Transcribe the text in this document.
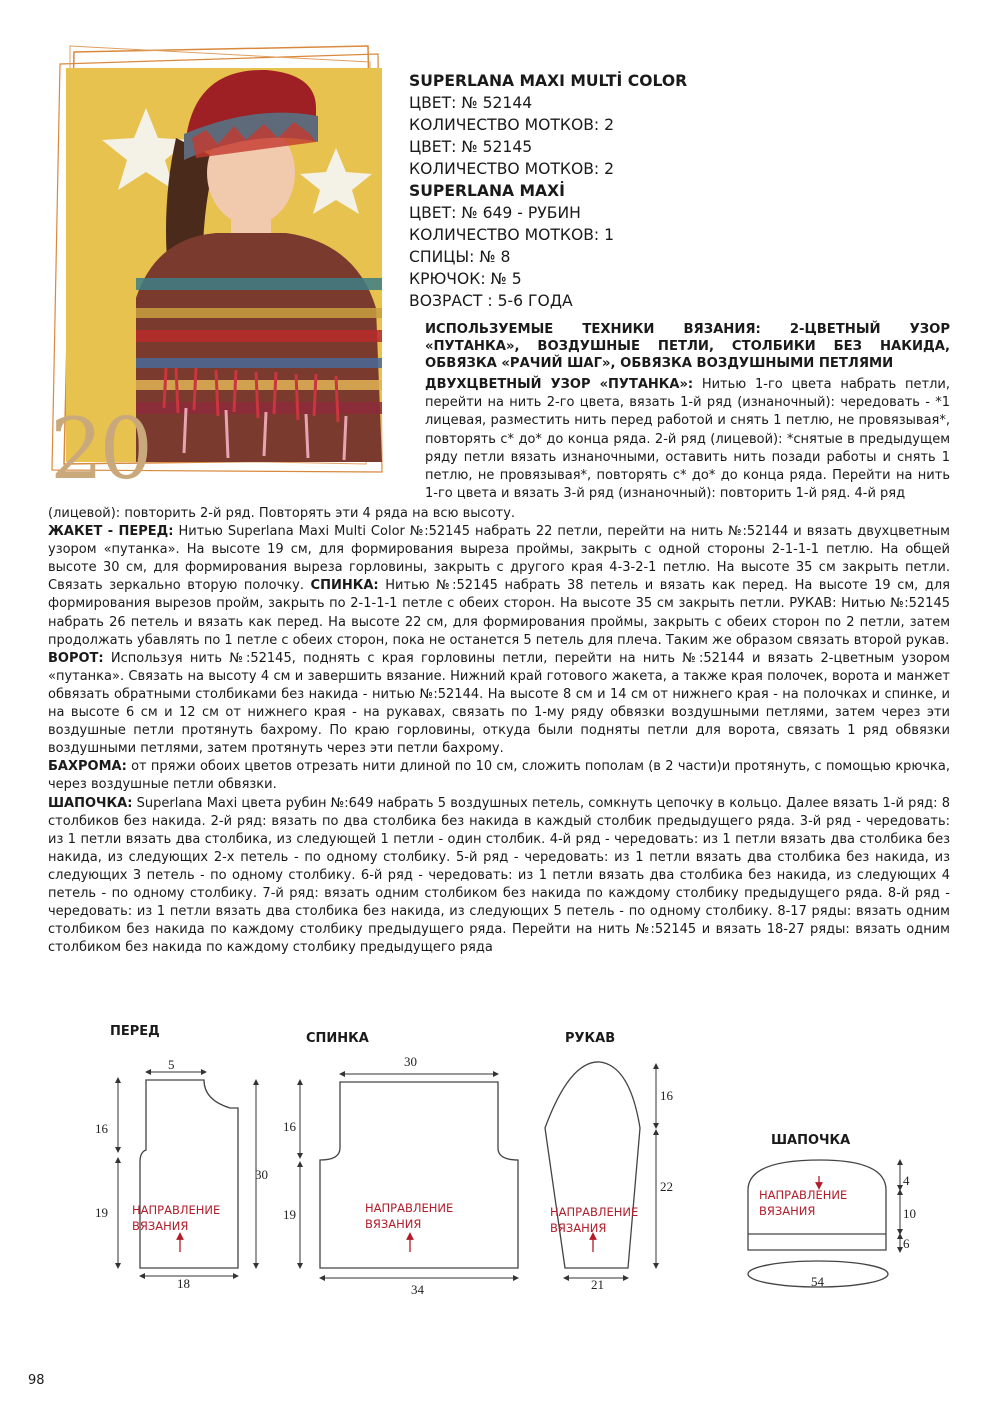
20
SUPERLANA MAXI MULTİ COLOR
ЦВЕТ: № 52144
КОЛИЧЕСТВО МОТКОВ: 2
ЦВЕТ: № 52145
КОЛИЧЕСТВО МОТКОВ: 2
SUPERLANA MAXİ
ЦВЕТ: № 649 - РУБИН
КОЛИЧЕСТВО МОТКОВ: 1
СПИЦЫ: № 8
КРЮЧОК: № 5
ВОЗРАСТ : 5-6 ГОДА
ИСПОЛЬЗУЕМЫЕ ТЕХНИКИ ВЯЗАНИЯ: 2-ЦВЕТНЫЙ УЗОР «ПУТАНКА», ВОЗДУШНЫЕ ПЕТЛИ, СТОЛБИКИ БЕЗ НАКИДА, ОБВЯЗКА «РАЧИЙ ШАГ», ОБВЯЗКА ВОЗДУШНЫМИ ПЕТЛЯМИ
ДВУХЦВЕТНЫЙ УЗОР «ПУТАНКА»: Нитью 1-го цвета набрать петли, перейти на нить 2-го цвета, вязать 1-й ряд (изнаночный): чередовать - *1 лицевая, разместить нить перед работой и снять 1 петлю, не провязывая*, повторять с* до* до конца ряда. 2-й ряд (лицевой): *снятые в предыдущем ряду петли вязать изнаночными, оставить нить позади работы и снять 1 петлю, не провязывая*, повторять с* до* до конца ряда. Перейти на нить 1-го цвета и вязать 3-й ряд (изнаночный): повторить 1-й ряд. 4-й ряд

(лицевой): повторить 2-й ряд. Повторять эти 4 ряда на всю высоту.

ЖАКЕТ - ПЕРЕД: Нитью Superlana Maxi Multi Color №:52145 набрать 22 петли, перейти на нить №:52144 и вязать двухцветным узором «путанка». На высоте 19 см, для формирования выреза проймы, закрыть с одной стороны 2-1-1-1 петлю. На общей высоте 30 см, для формирования выреза горловины, закрыть с другого края 4-3-2-1 петлю. На высоте 35 см закрыть петли. Связать зеркально вторую полочку. СПИНКА: Нитью №:52145 набрать 38 петель и вязать как перед. На высоте 19 см, для формирования вырезов пройм, закрыть по 2-1-1-1 петле с обеих сторон. На высоте 35 см закрыть петли. РУКАВ: Нитью №:52145 набрать 26 петель и вязать как перед. На высоте 22 см, для формирования проймы, закрыть с обеих сторон по 2 петли, затем продолжать убавлять по 1 петле с обеих сторон, пока не останется 5 петель для плеча. Таким же образом связать второй рукав.

ВОРОТ: Используя нить №:52145, поднять с края горловины петли, перейти на нить №:52144 и вязать 2-цветным узором «путанка». Связать на высоту 4 см и завершить вязание. Нижний край готового жакета, а также края полочек, ворота и манжет обвязать обратными столбиками без накида - нитью №:52144. На высоте 8 см и 14 см от нижнего края - на полочках и спинке, и на высоте 6 см и 12 см от нижнего края - на рукавах, связать по 1-му ряду обвязки воздушными петлями, затем через эти воздушные петли протянуть бахрому. По краю горловины, откуда были подняты петли для ворота, связать 1 ряд обвязки воздушными петлями, затем протянуть через эти петли бахрому.

БАХРОМА: от пряжи обоих цветов отрезать нити длиной по 10 см, сложить пополам (в 2 части)и протянуть, с помощью крючка, через воздушные петли обвязки.

ШАПОЧКА: Superlana Maxi цвета рубин №:649 набрать 5 воздушных петель, сомкнуть цепочку в кольцо. Далее вязать 1-й ряд: 8 столбиков без накида. 2-й ряд: вязать по два столбика без накида в каждый столбик предыдущего ряда. 3-й ряд - чередовать: из 1 петли вязать два столбика, из следующей 1 петли - один столбик. 4-й ряд - чередовать: из 1 петли вязать два столбика без накида, из следующих 2-х петель - по одному столбику. 5-й ряд - чередовать: из 1 петли вязать два столбика без накида, из следующих 3 петель - по одному столбику. 6-й ряд - чередовать: из 1 петли вязать два столбика без накида, из следующих 4 петель - по одному столбику. 7-й ряд: вязать одним столбиком без накида по каждому столбику предыдущего ряда. 8-й ряд - чередовать: из 1 петли вязать два столбика без накида, из следующих 5 петель - по одному столбику. 8-17 ряды: вязать одним столбиком без накида по каждому столбику предыдущего ряда. Перейти на нить №:52145 и вязать 18-27 ряды: вязать одним столбиком без накида по каждому столбику предыдущего ряда

ПЕРЕД	СПИНКА	РУКАВ
ШАПОЧКА
5
16
19
30
18
30
16
19
34
16
22
21
4
10
6
54
НАПРАВЛЕНИЕ
ВЯЗАНИЯ
НАПРАВЛЕНИЕ
ВЯЗАНИЯ
НАПРАВЛЕНИЕ
ВЯЗАНИЯ
НАПРАВЛЕНИЕ
ВЯЗАНИЯ
98
